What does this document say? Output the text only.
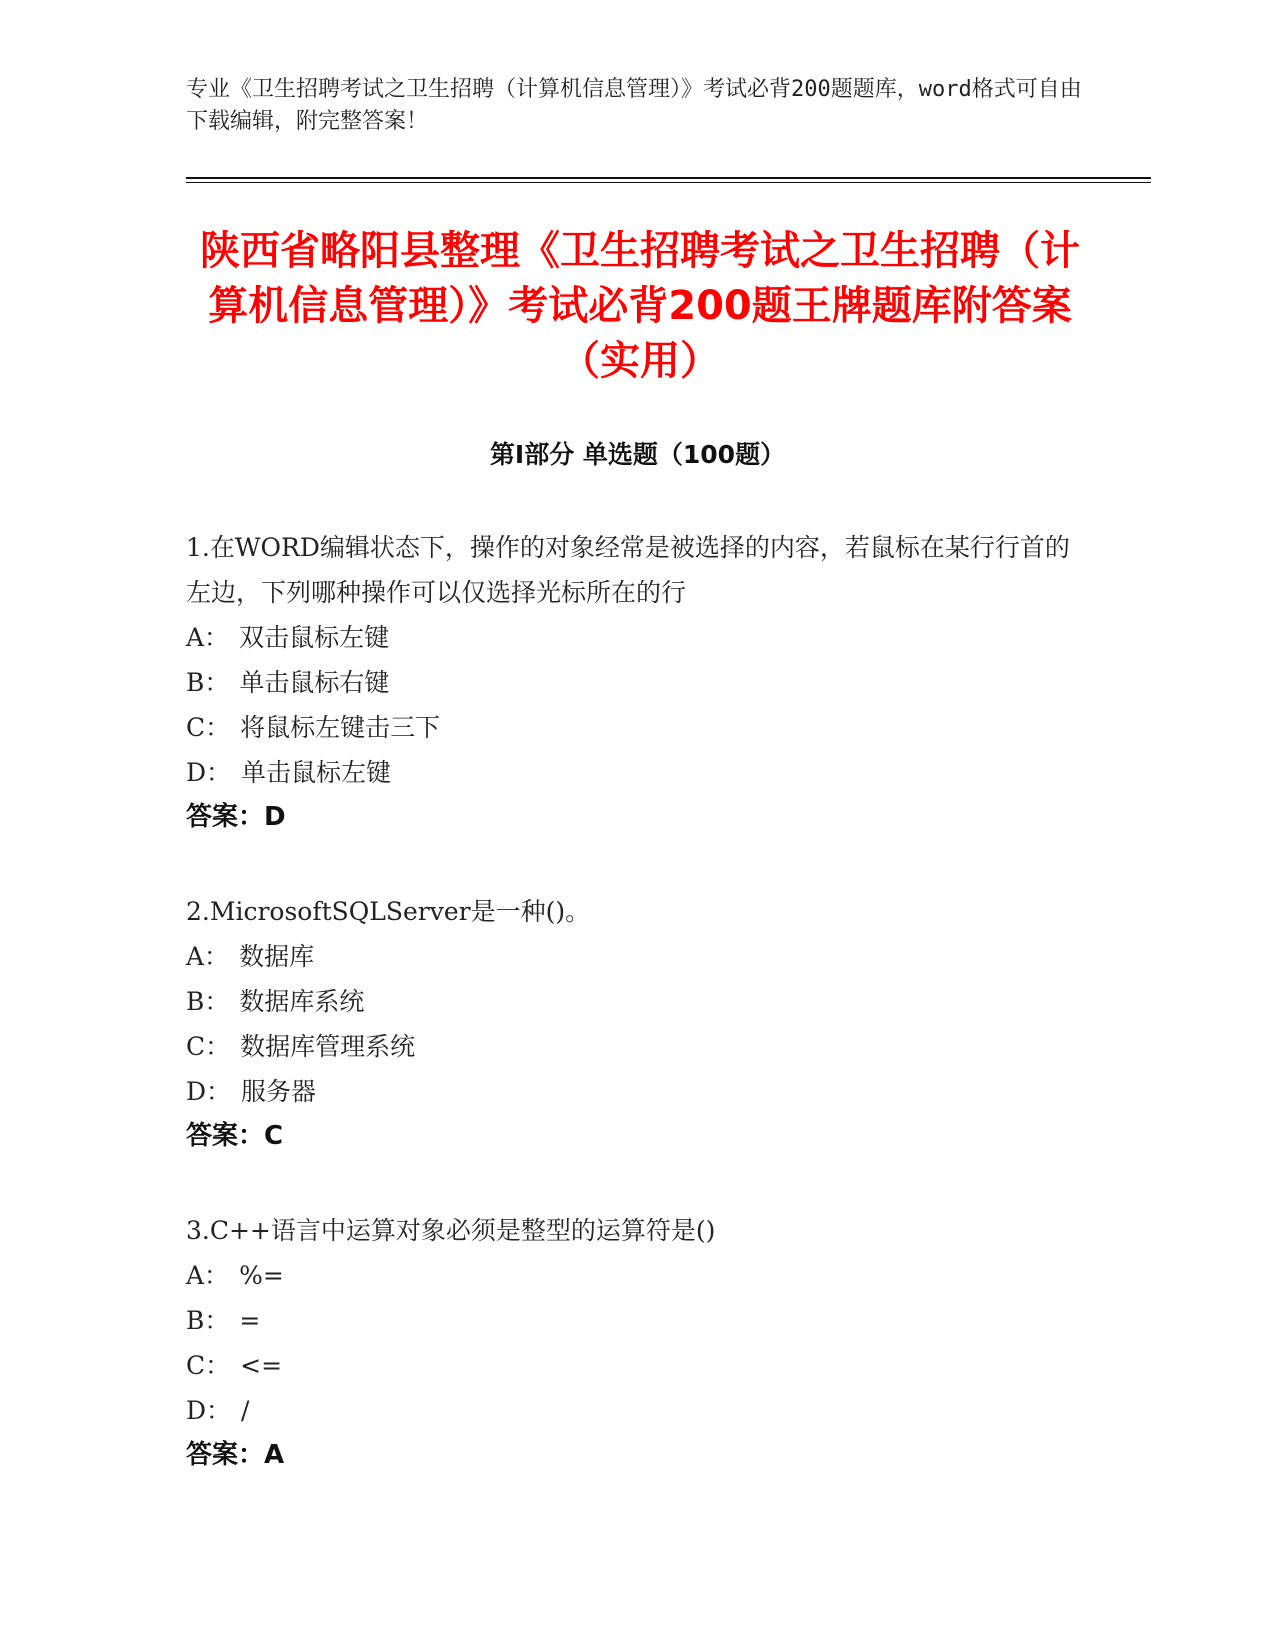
专业《卫生招聘考试之卫生招聘（计算机信息管理）》考试必背200题题库，word格式可自由下载编辑，附完整答案！

陕西省略阳县整理《卫生招聘考试之卫生招聘（计算机信息管理）》考试必背200题王牌题库附答案（实用）
第Ⅰ部分 单选题（100题）

1.在WORD编辑状态下，操作的对象经常是被选择的内容，若鼠标在某行行首的左边，下列哪种操作可以仅选择光标所在的行

A： 双击鼠标左键

B： 单击鼠标右键

C： 将鼠标左键击三下

D： 单击鼠标左键

答案：D

2.MicrosoftSQLServer是一种()。

A： 数据库

B： 数据库系统

C： 数据库管理系统

D： 服务器

答案：C

3.C++语言中运算对象必须是整型的运算符是()

A： %=

B： =

C： <=

D： /

答案：A
